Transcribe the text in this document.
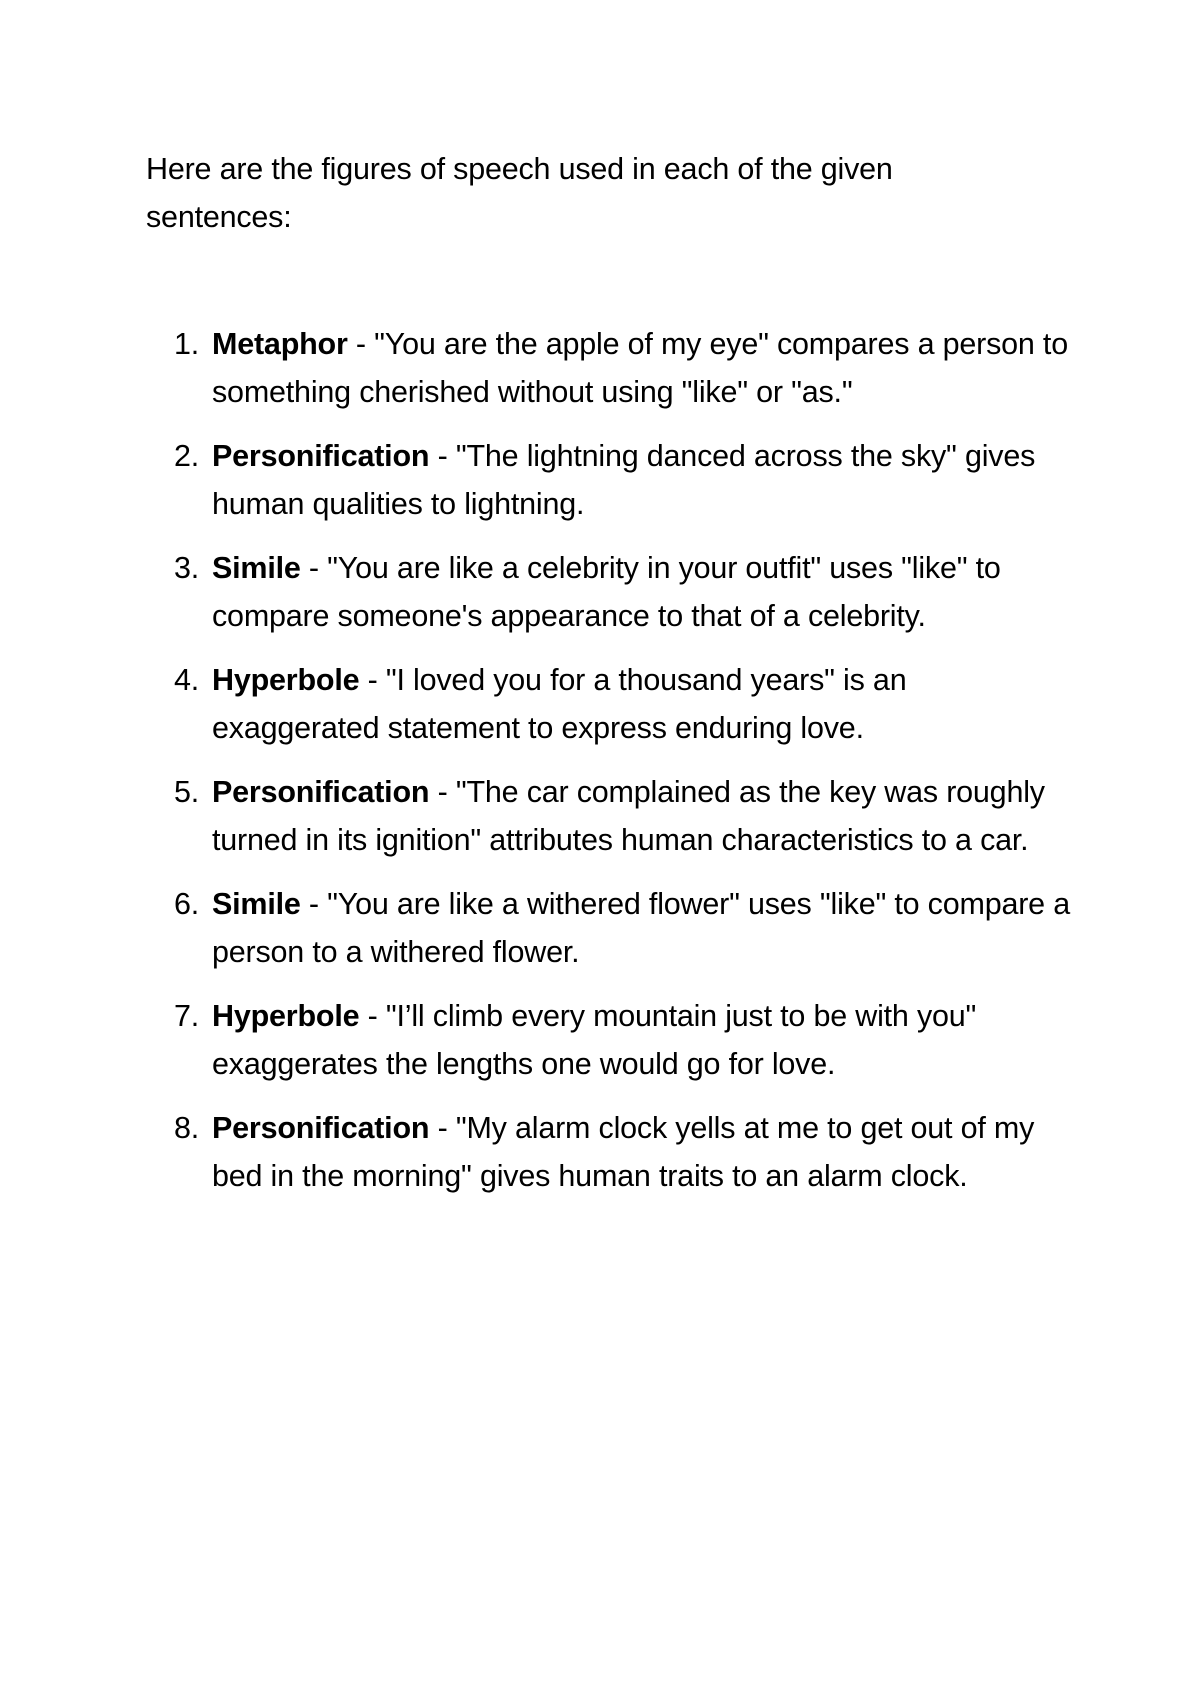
Here are the figures of speech used in each of the given sentences:

1. Metaphor - "You are the apple of my eye" compares a person to something cherished without using "like" or "as."
2. Personification - "The lightning danced across the sky" gives human qualities to lightning.
3. Simile - "You are like a celebrity in your outfit" uses "like" to compare someone's appearance to that of a celebrity.
4. Hyperbole - "I loved you for a thousand years" is an exaggerated statement to express enduring love.
5. Personification - "The car complained as the key was roughly turned in its ignition" attributes human characteristics to a car.
6. Simile - "You are like a withered flower" uses "like" to compare a person to a withered flower.
7. Hyperbole - "I’ll climb every mountain just to be with you" exaggerates the lengths one would go for love.
8. Personification - "My alarm clock yells at me to get out of my bed in the morning" gives human traits to an alarm clock.
